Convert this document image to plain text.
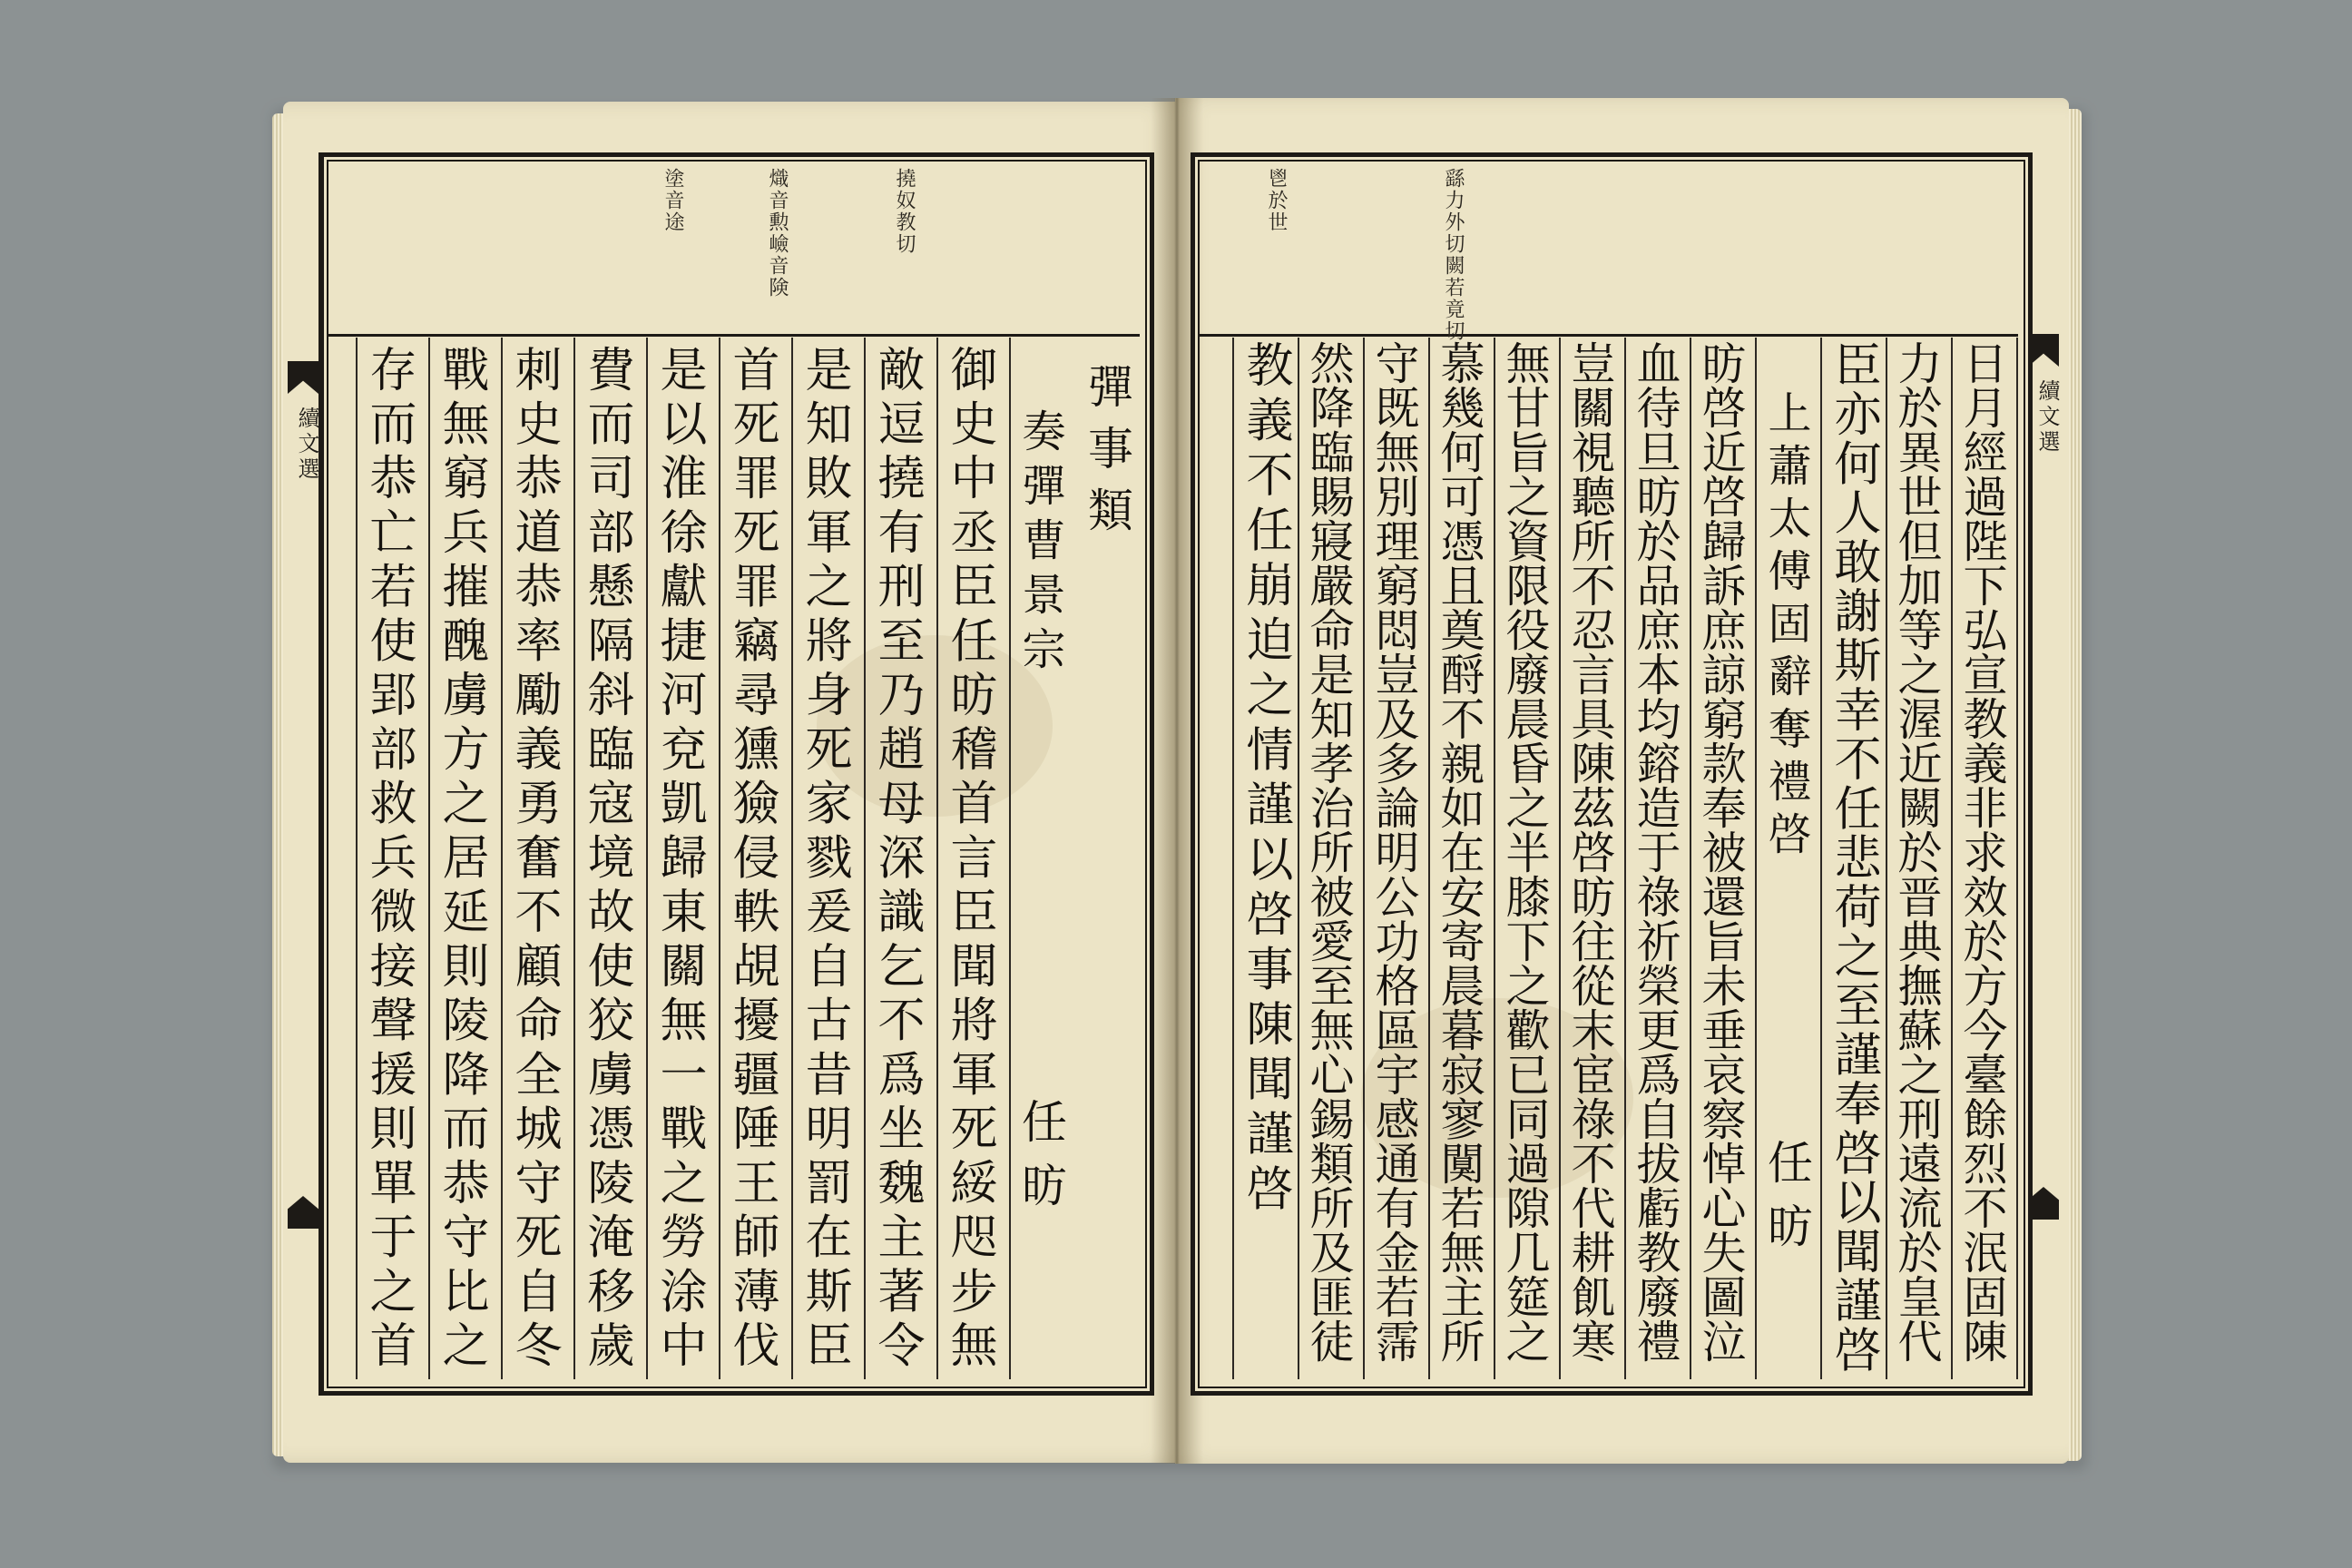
續文選
撓奴教切
熾音勲嶮音険
塗音途
彈事類
奏彈曹景宗
任昉
御史中丞臣任昉稽首言臣聞將軍死綏咫步無
敵逗撓有刑至乃趙母深識乞不爲坐魏主著令
是知敗軍之將身死家戮爰自古昔明罰在斯臣
首死罪死罪竊尋獯獫侵軼覘擾疆陲王師薄伐
是以淮徐獻捷河兗凱歸東關無一戰之勞涂中
費而司部懸隔斜臨寇境故使狡虜憑陵淹移歲
刺史恭道恭率勵義勇奮不顧命全城守死自冬
戰無窮兵摧醜虜方之居延則陵降而恭守比之
存而恭亡若使郢部救兵微接聲援則單于之首	續文選
繇力外切闕若竟切
鬯於世
日月經過陛下弘宣教義非求效於方今臺餘烈不泯固陳
力於異世但加等之渥近闕於晋典撫蘇之刑遠流於皇代
臣亦何人敢謝斯幸不任悲荷之至謹奉啓以聞謹啓
上蕭太傅固辭奪禮啓
任昉
昉啓近啓歸訴庶諒窮款奉被還旨未垂哀察悼心失圖泣
血待旦昉於品庶本均鎔造于祿祈榮更爲自拔虧教廢禮
豈關視聽所不忍言具陳茲啓昉往從末宦祿不代耕飢寒
無甘旨之資限役廢晨昏之半膝下之歡已同過隙几筵之
慕幾何可憑且奠酹不親如在安寄晨暮寂寥闃若無主所
守既無別理窮悶豈及多論明公功格區宇感通有金若霈
然降臨賜寢嚴命是知孝治所被愛至無心錫類所及匪徒
教義不任崩迫之情謹以啓事陳聞謹啓
